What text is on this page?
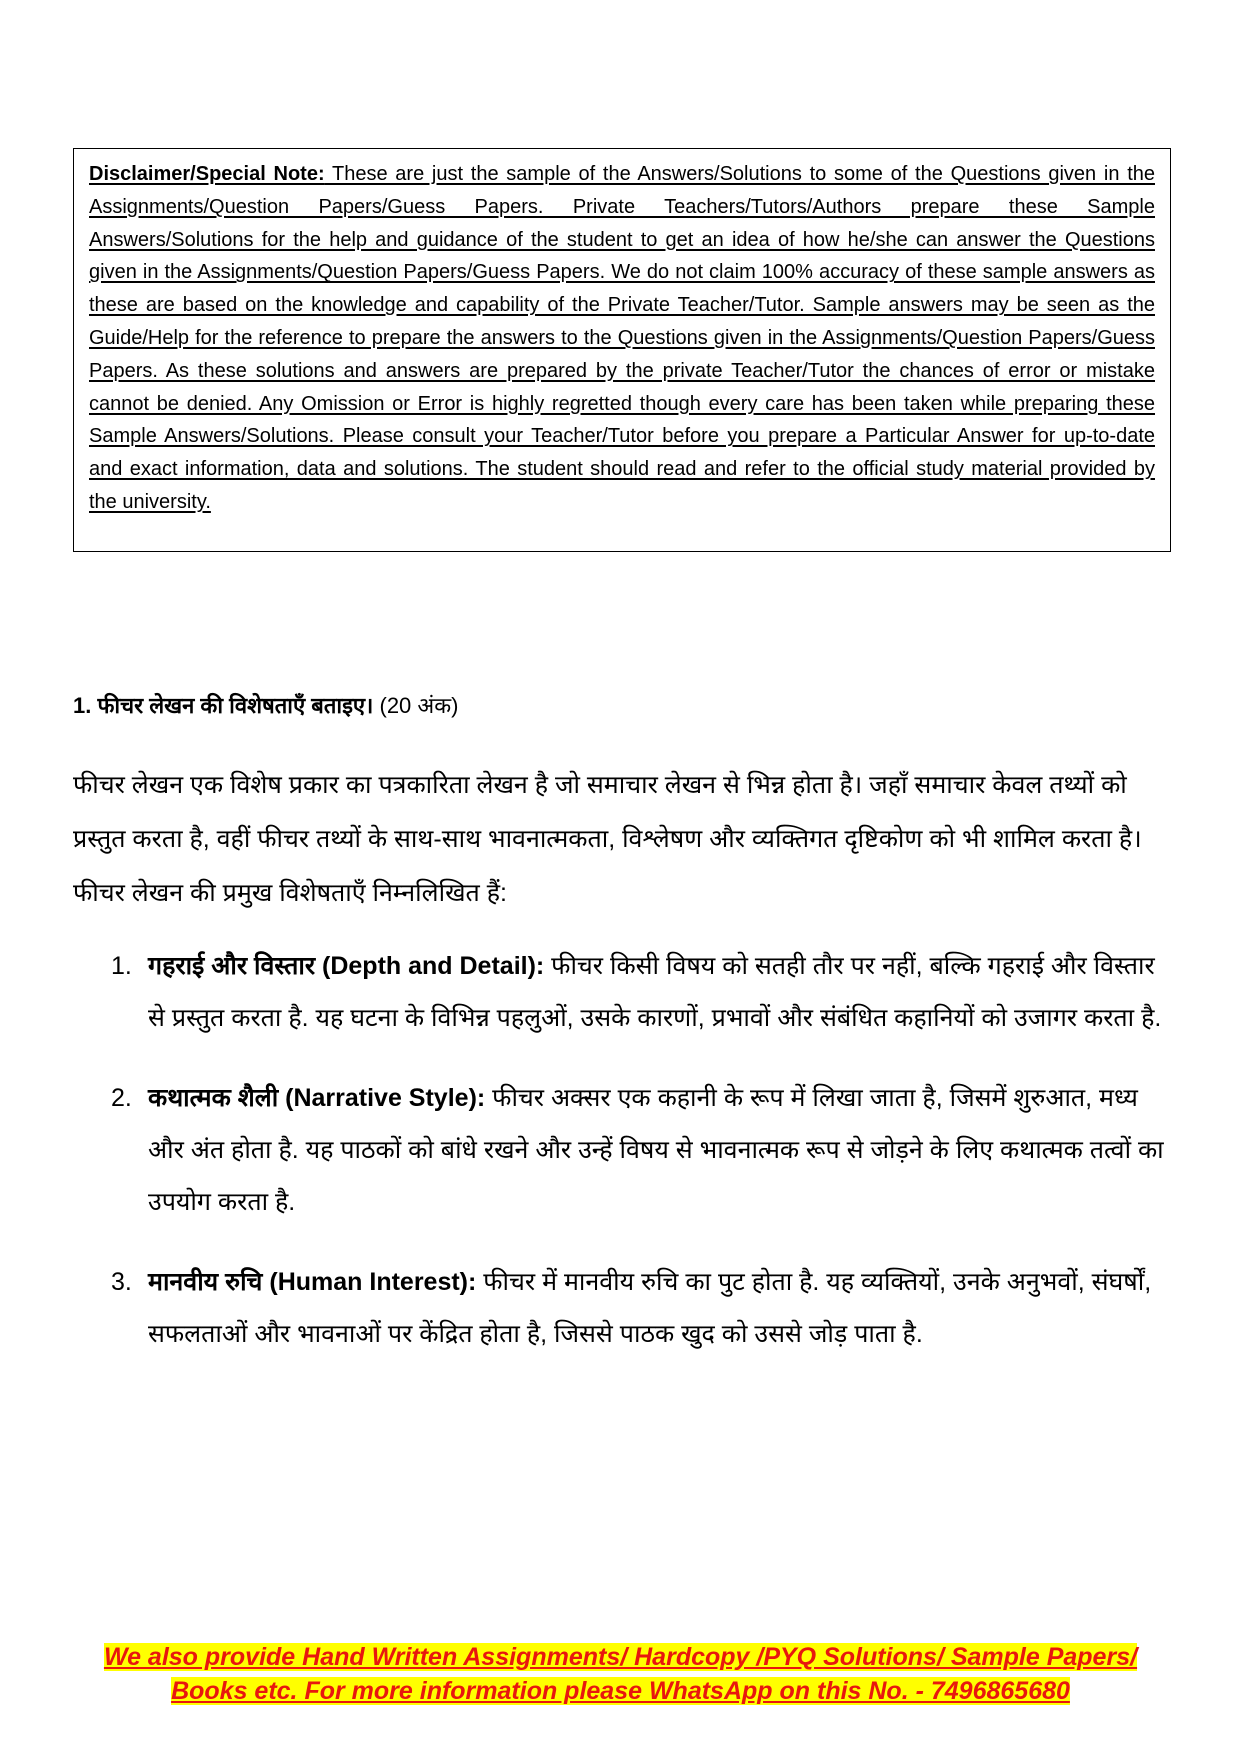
Disclaimer/Special Note: These are just the sample of the Answers/Solutions to some of the Questions given in the Assignments/Question Papers/Guess Papers. Private Teachers/Tutors/Authors prepare these Sample Answers/Solutions for the help and guidance of the student to get an idea of how he/she can answer the Questions given in the Assignments/Question Papers/Guess Papers. We do not claim 100% accuracy of these sample answers as these are based on the knowledge and capability of the Private Teacher/Tutor. Sample answers may be seen as the Guide/Help for the reference to prepare the answers to the Questions given in the Assignments/Question Papers/Guess Papers. As these solutions and answers are prepared by the private Teacher/Tutor the chances of error or mistake cannot be denied. Any Omission or Error is highly regretted though every care has been taken while preparing these Sample Answers/Solutions. Please consult your Teacher/Tutor before you prepare a Particular Answer for up-to-date and exact information, data and solutions. The student should read and refer to the official study material provided by the university.
1. फीचर लेखन की विशेषताएँ बताइए। (20 अंक)
फीचर लेखन एक विशेष प्रकार का पत्रकारिता लेखन है जो समाचार लेखन से भिन्न होता है। जहाँ समाचार केवल तथ्यों को प्रस्तुत करता है, वहीं फीचर तथ्यों के साथ-साथ भावनात्मकता, विश्लेषण और व्यक्तिगत दृष्टिकोण को भी शामिल करता है। फीचर लेखन की प्रमुख विशेषताएँ निम्नलिखित हैं:
1. गहराई और विस्तार (Depth and Detail): फीचर किसी विषय को सतही तौर पर नहीं, बल्कि गहराई और विस्तार से प्रस्तुत करता है. यह घटना के विभिन्न पहलुओं, उसके कारणों, प्रभावों और संबंधित कहानियों को उजागर करता है.
2. कथात्मक शैली (Narrative Style): फीचर अक्सर एक कहानी के रूप में लिखा जाता है, जिसमें शुरुआत, मध्य और अंत होता है. यह पाठकों को बांधे रखने और उन्हें विषय से भावनात्मक रूप से जोड़ने के लिए कथात्मक तत्वों का उपयोग करता है.
3. मानवीय रुचि (Human Interest): फीचर में मानवीय रुचि का पुट होता है. यह व्यक्तियों, उनके अनुभवों, संघर्षों, सफलताओं और भावनाओं पर केंद्रित होता है, जिससे पाठक खुद को उससे जोड़ पाता है.
We also provide Hand Written Assignments/ Hardcopy /PYQ Solutions/ Sample Papers/
Books etc. For more information please WhatsApp on this No. - 7496865680
